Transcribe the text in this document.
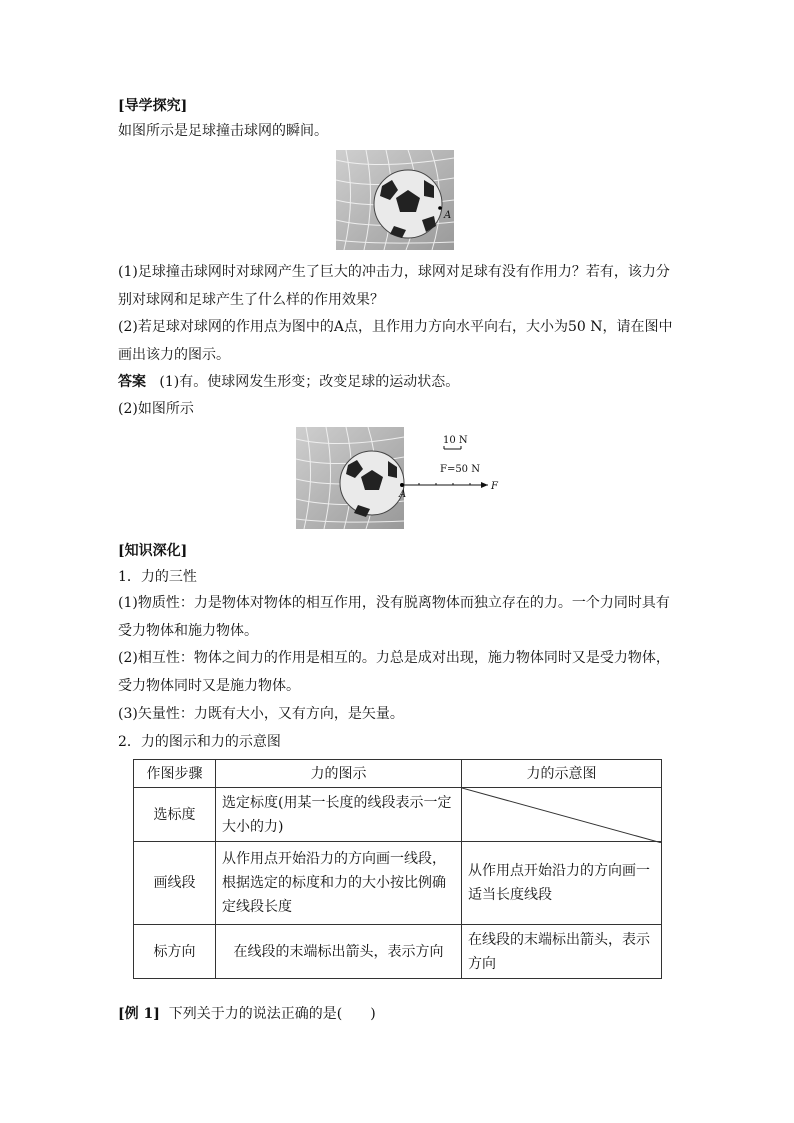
[导学探究]
如图所示是足球撞击球网的瞬间。
A
(1)足球撞击球网时对球网产生了巨大的冲击力，球网对足球有没有作用力？若有，该力分
别对球网和足球产生了什么样的作用效果？
(2)若足球对球网的作用点为图中的A点，且作用力方向水平向右，大小为50 N，请在图中
画出该力的图示。
答案 (1)有。使球网发生形变；改变足球的运动状态。
(2)如图所示
A
F
10 N
F=50 N
[知识深化]
1．力的三性
(1)物质性：力是物体对物体的相互作用，没有脱离物体而独立存在的力。一个力同时具有
受力物体和施力物体。
(2)相互性：物体之间力的作用是相互的。力总是成对出现，施力物体同时又是受力物体，
受力物体同时又是施力物体。
(3)矢量性：力既有大小，又有方向，是矢量。
2．力的图示和力的示意图
作图步骤	力的图示	力的示意图
选标度	选定标度(用某一长度的线段表示一定大小的力)	

画线段	从作用点开始沿力的方向画一线段，根据选定的标度和力的大小按比例确定线段长度	从作用点开始沿力的方向画一适当长度线段
标方向	在线段的末端标出箭头，表示方向	在线段的末端标出箭头，表示方向
[例 1] 下列关于力的说法正确的是(　　)
